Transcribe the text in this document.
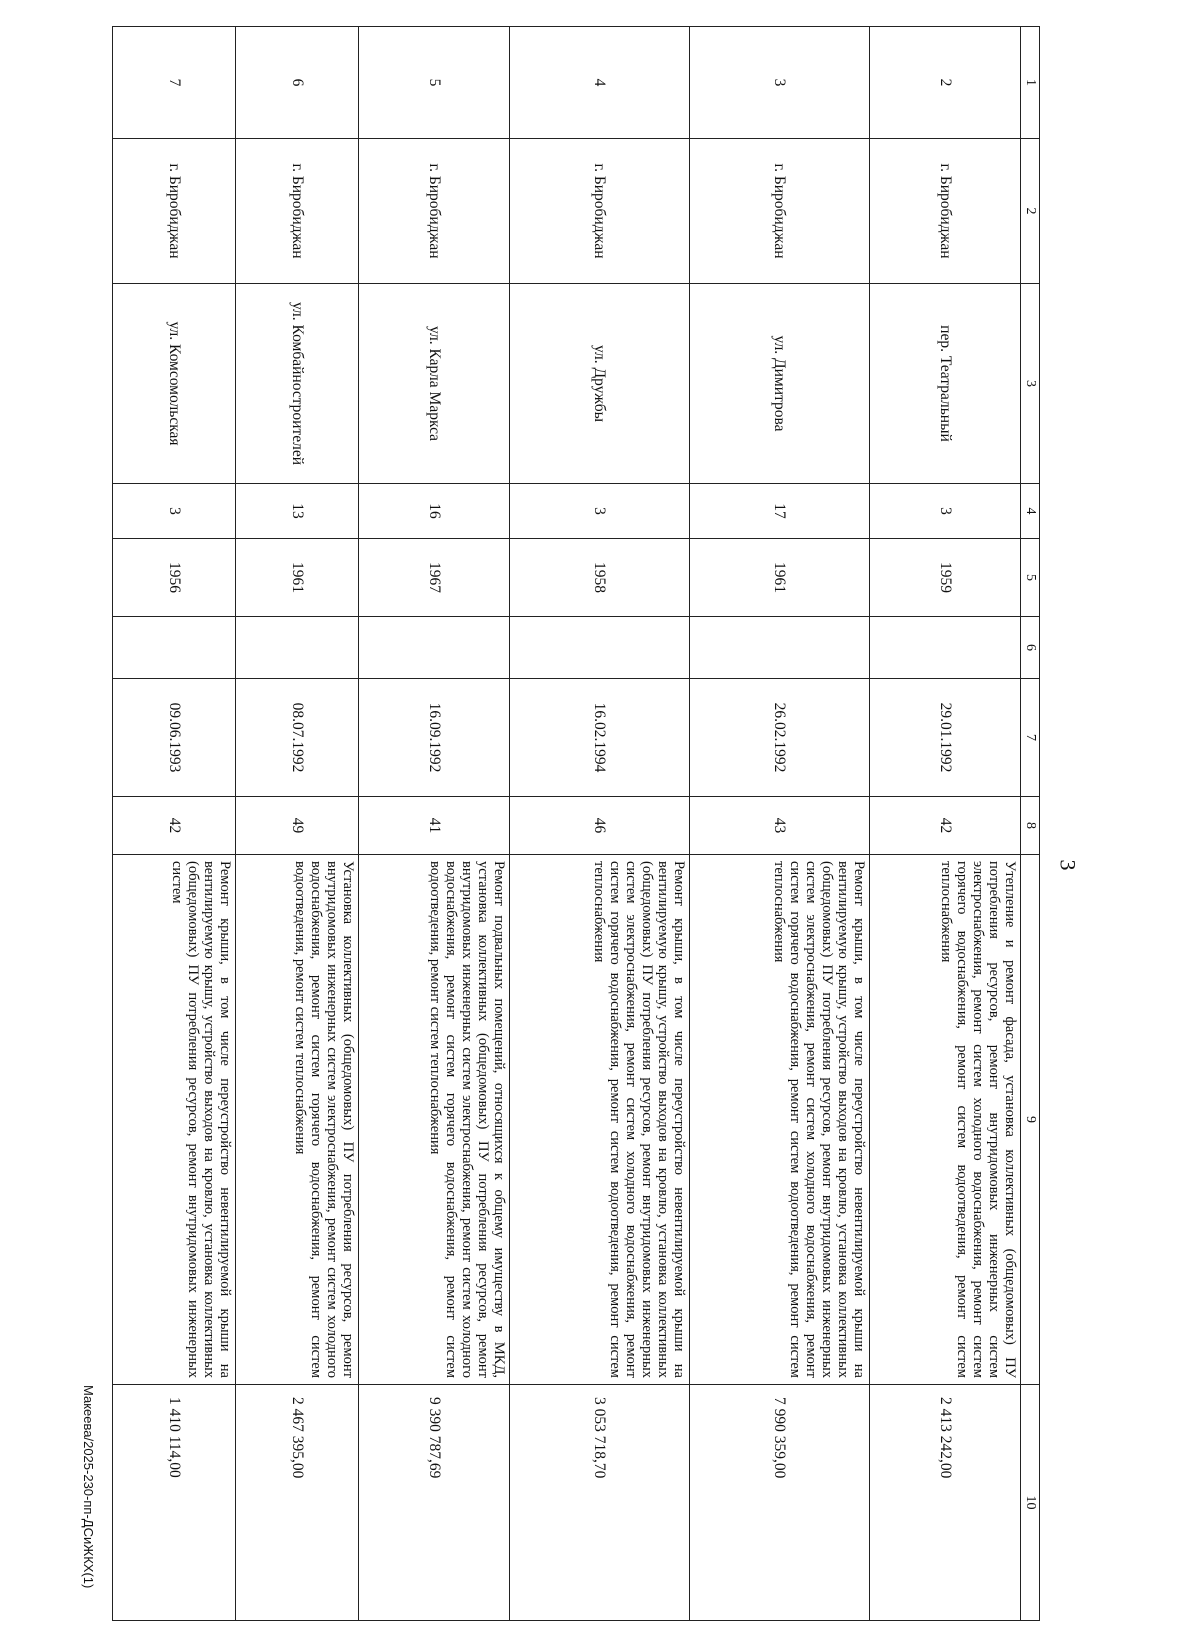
3
1	2	3	4	5	6	7	8	9	10
2	г. Биробиджан	пер. Театральный	3	1959		29.01.1992	42	Утепление и ремонт фасада, установка коллективных (общедомовых) ПУ потребления ресурсов, ремонт внутридомовых инженерных систем электроснабжения, ремонт систем холодного водоснабжения, ремонт систем горячего водоснабжения, ремонт систем водоотведения, ремонт систем теплоснабжения	2 413 242,00
3	г. Биробиджан	ул. Димитрова	17	1961		26.02.1992	43	Ремонт крыши, в том числе переустройство невентилируемой крыши на вентилируемую крышу, устройство выходов на кровлю, установка коллективных (общедомовых) ПУ потребления ресурсов, ремонт внутридомовых инженерных систем электроснабжения, ремонт систем холодного водоснабжения, ремонт систем горячего водоснабжения, ремонт систем водоотведения, ремонт систем теплоснабжения	7 990 359,00
4	г. Биробиджан	ул. Дружбы	3	1958		16.02.1994	46	Ремонт крыши, в том числе переустройство невентилируемой крыши на вентилируемую крышу, устройство выходов на кровлю, установка коллективных (общедомовых) ПУ потребления ресурсов, ремонт внутридомовых инженерных систем электроснабжения, ремонт систем холодного водоснабжения, ремонт систем горячего водоснабжения, ремонт систем водоотведения, ремонт систем теплоснабжения	3 053 718,70
5	г. Биробиджан	ул. Карла Маркса	16	1967		16.09.1992	41	Ремонт подвальных помещений, относящихся к общему имуществу в МКД, установка коллективных (общедомовых) ПУ потребления ресурсов, ремонт внутридомовых инженерных систем электроснабжения, ремонт систем холодного водоснабжения, ремонт систем горячего водоснабжения, ремонт систем водоотведения, ремонт систем теплоснабжения	9 390 787,69
6	г. Биробиджан	ул. Комбайностроителей	13	1961		08.07.1992	49	Установка коллективных (общедомовых) ПУ потребления ресурсов, ремонт внутридомовых инженерных систем электроснабжения, ремонт систем холодного водоснабжения, ремонт систем горячего водоснабжения, ремонт систем водоотведения, ремонт систем теплоснабжения	2 467 395,00
7	г. Биробиджан	ул. Комсомольская	3	1956		09.06.1993	42	Ремонт крыши, в том числе переустройство невентилируемой крыши на вентилируемую крышу, устройство выходов на кровлю, установка коллективных (общедомовых) ПУ потребления ресурсов, ремонт внутридомовых инженерных систем	1 410 114,00
Макеева/2025-230-пп-ДСиЖКХ(1)
